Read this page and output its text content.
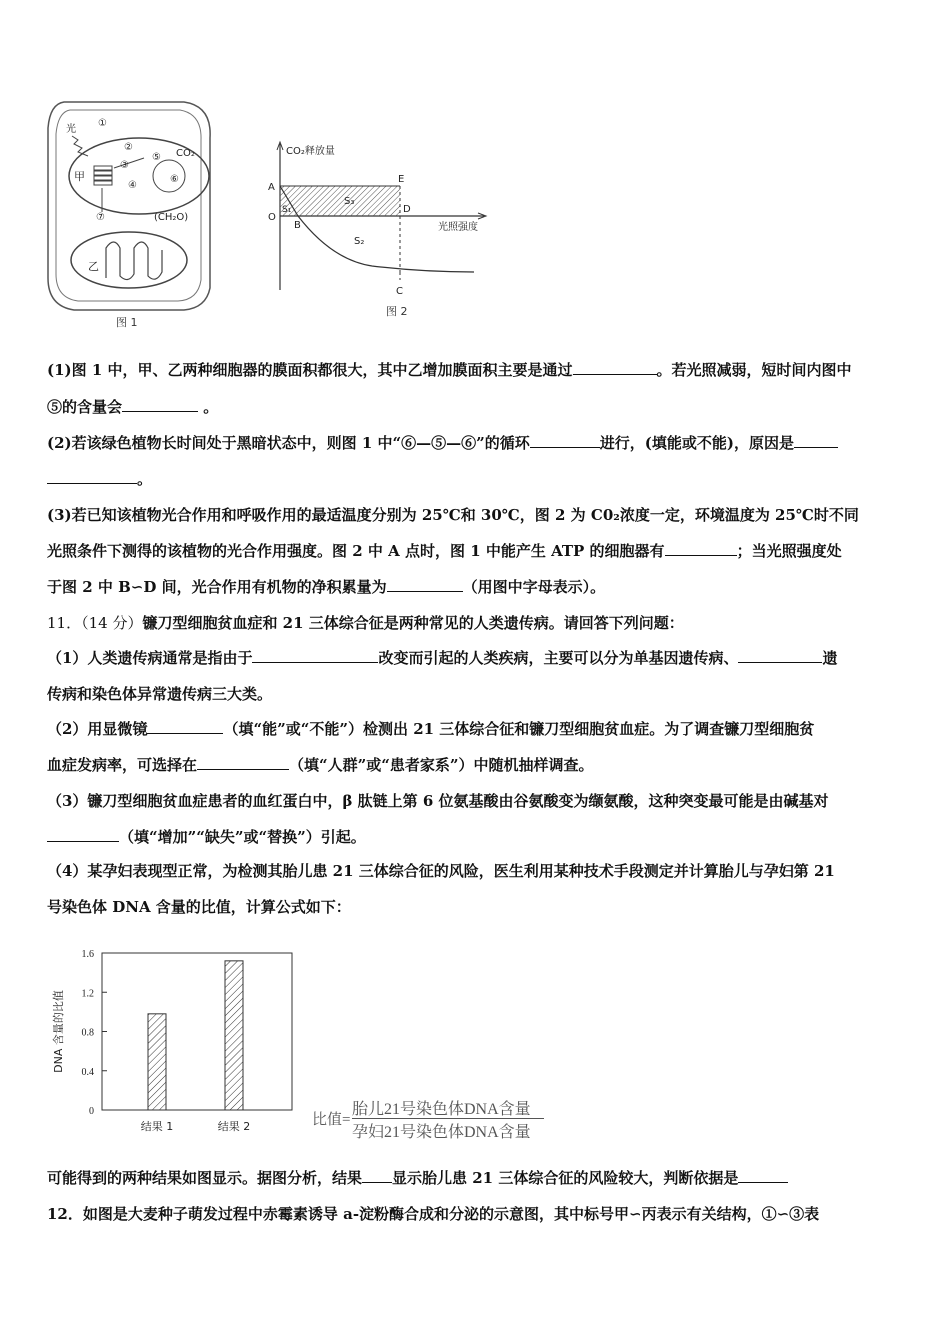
光
①
甲
②
③
④
⑤
⑥
CO₂
(CH₂O)
⑦
乙
图 1
CO₂释放量
光照强度
A
O
B
E
D
C
S₁
S₃
S₂
图 2
(1)图 1 中，甲、乙两种细胞器的膜面积都很大，其中乙增加膜面积主要是通过	。若光照减弱，短时间内图中
⑤的含量会	。
(2)若该绿色植物长时间处于黑暗状态中，则图 1 中“⑥—⑤—⑥”的循环	进行，(填能或不能)，原因是
。
(3)若已知该植物光合作用和呼吸作用的最适温度分别为 25℃和 30℃，图 2 为 C0₂浓度一定，环境温度为 25℃时不同
光照条件下测得的该植物的光合作用强度。图 2 中 A 点时，图 1 中能产生 ATP 的细胞器有	；当光照强度处
于图 2 中 B∽D 间，光合作用有机物的净积累量为	（用图中字母表示）。
11．（14 分）镰刀型细胞贫血症和 21 三体综合征是两种常见的人类遗传病。请回答下列问题：
（1）人类遗传病通常是指由于	改变而引起的人类疾病，主要可以分为单基因遗传病、	遗
传病和染色体异常遗传病三大类。
（2）用显微镜	（填“能”或“不能”）检测出 21 三体综合征和镰刀型细胞贫血症。为了调查镰刀型细胞贫
血症发病率，可选择在	（填“人群”或“患者家系”）中随机抽样调查。
（3）镰刀型细胞贫血症患者的血红蛋白中，β 肽链上第 6 位氨基酸由谷氨酸变为缬氨酸，这种突变最可能是由碱基对
（填“增加”“缺失”或“替换”）引起。
（4）某孕妇表现型正常，为检测其胎儿患 21 三体综合征的风险，医生利用某种技术手段测定并计算胎儿与孕妇第 21
号染色体 DNA 含量的比值，计算公式如下：
0
0.4
0.8
1.2
1.6
DNA 含量的比值
结果 1	结果 2	比值=
胎儿21号染色体DNA含量
孕妇21号染色体DNA含量
可能得到的两种结果如图显示。据图分析，结果 显示胎儿患 21 三体综合征的风险较大，判断依据是
12．如图是大麦种子萌发过程中赤霉素诱导 a-淀粉酶合成和分泌的示意图，其中标号甲∽丙表示有关结构，①∽③表
